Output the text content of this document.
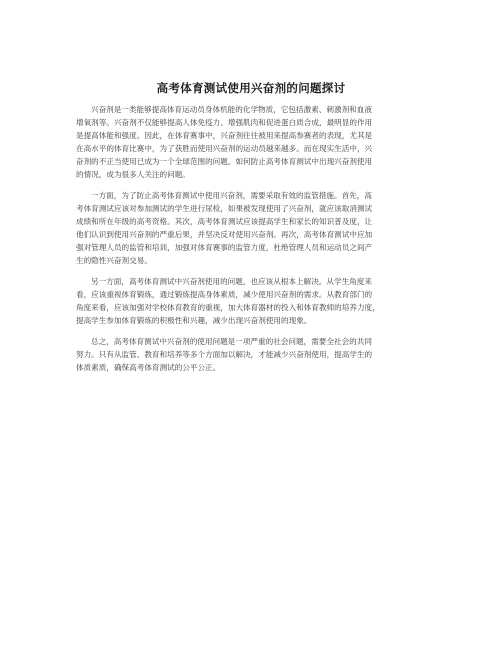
高考体育测试使用兴奋剂的问题探讨

兴奋剂是一类能够提高体育运动员身体机能的化学物质，它包括激素、刺激剂和血液
增氧剂等。兴奋剂不仅能够提高人体免疫力、增强肌肉和促进蛋白质合成，最明显的作用
是提高体能和强度。因此，在体育赛事中，兴奋剂往往被用来提高参赛者的表现，尤其是
在高水平的体育比赛中，为了获胜而使用兴奋剂的运动员越来越多。而在现实生活中，兴
奋剂的不正当使用已成为一个全球范围的问题。如何防止高考体育测试中出现兴奋剂使用
的情况，成为很多人关注的问题。

一方面，为了防止高考体育测试中使用兴奋剂，需要采取有效的监管措施。首先，高
考体育测试应该对参加测试的学生进行尿检，如果被发现使用了兴奋剂，就应该取消测试
成绩和所在年级的高考资格。其次，高考体育测试应该提高学生和家长的知识普及度，让
他们认识到使用兴奋剂的严重后果，并坚决反对使用兴奋剂。再次，高考体育测试中应加
强对管理人员的监管和培训，加强对体育赛事的监管力度，杜绝管理人员和运动员之间产
生的隐性兴奋剂交易。

另一方面，高考体育测试中兴奋剂使用的问题，也应该从根本上解决。从学生角度来
看，应该重视体育锻炼，通过锻炼提高身体素质，减少使用兴奋剂的需求。从教育部门的
角度来看，应该加强对学校体育教育的重视，加大体育器材的投入和体育教师的培养力度，
提高学生参加体育锻炼的积极性和兴趣，减少出现兴奋剂使用的现象。

总之，高考体育测试中兴奋剂的使用问题是一项严重的社会问题，需要全社会的共同
努力。只有从监管、教育和培养等多个方面加以解决，才能减少兴奋剂使用，提高学生的
体质素质，确保高考体育测试的公平公正。
